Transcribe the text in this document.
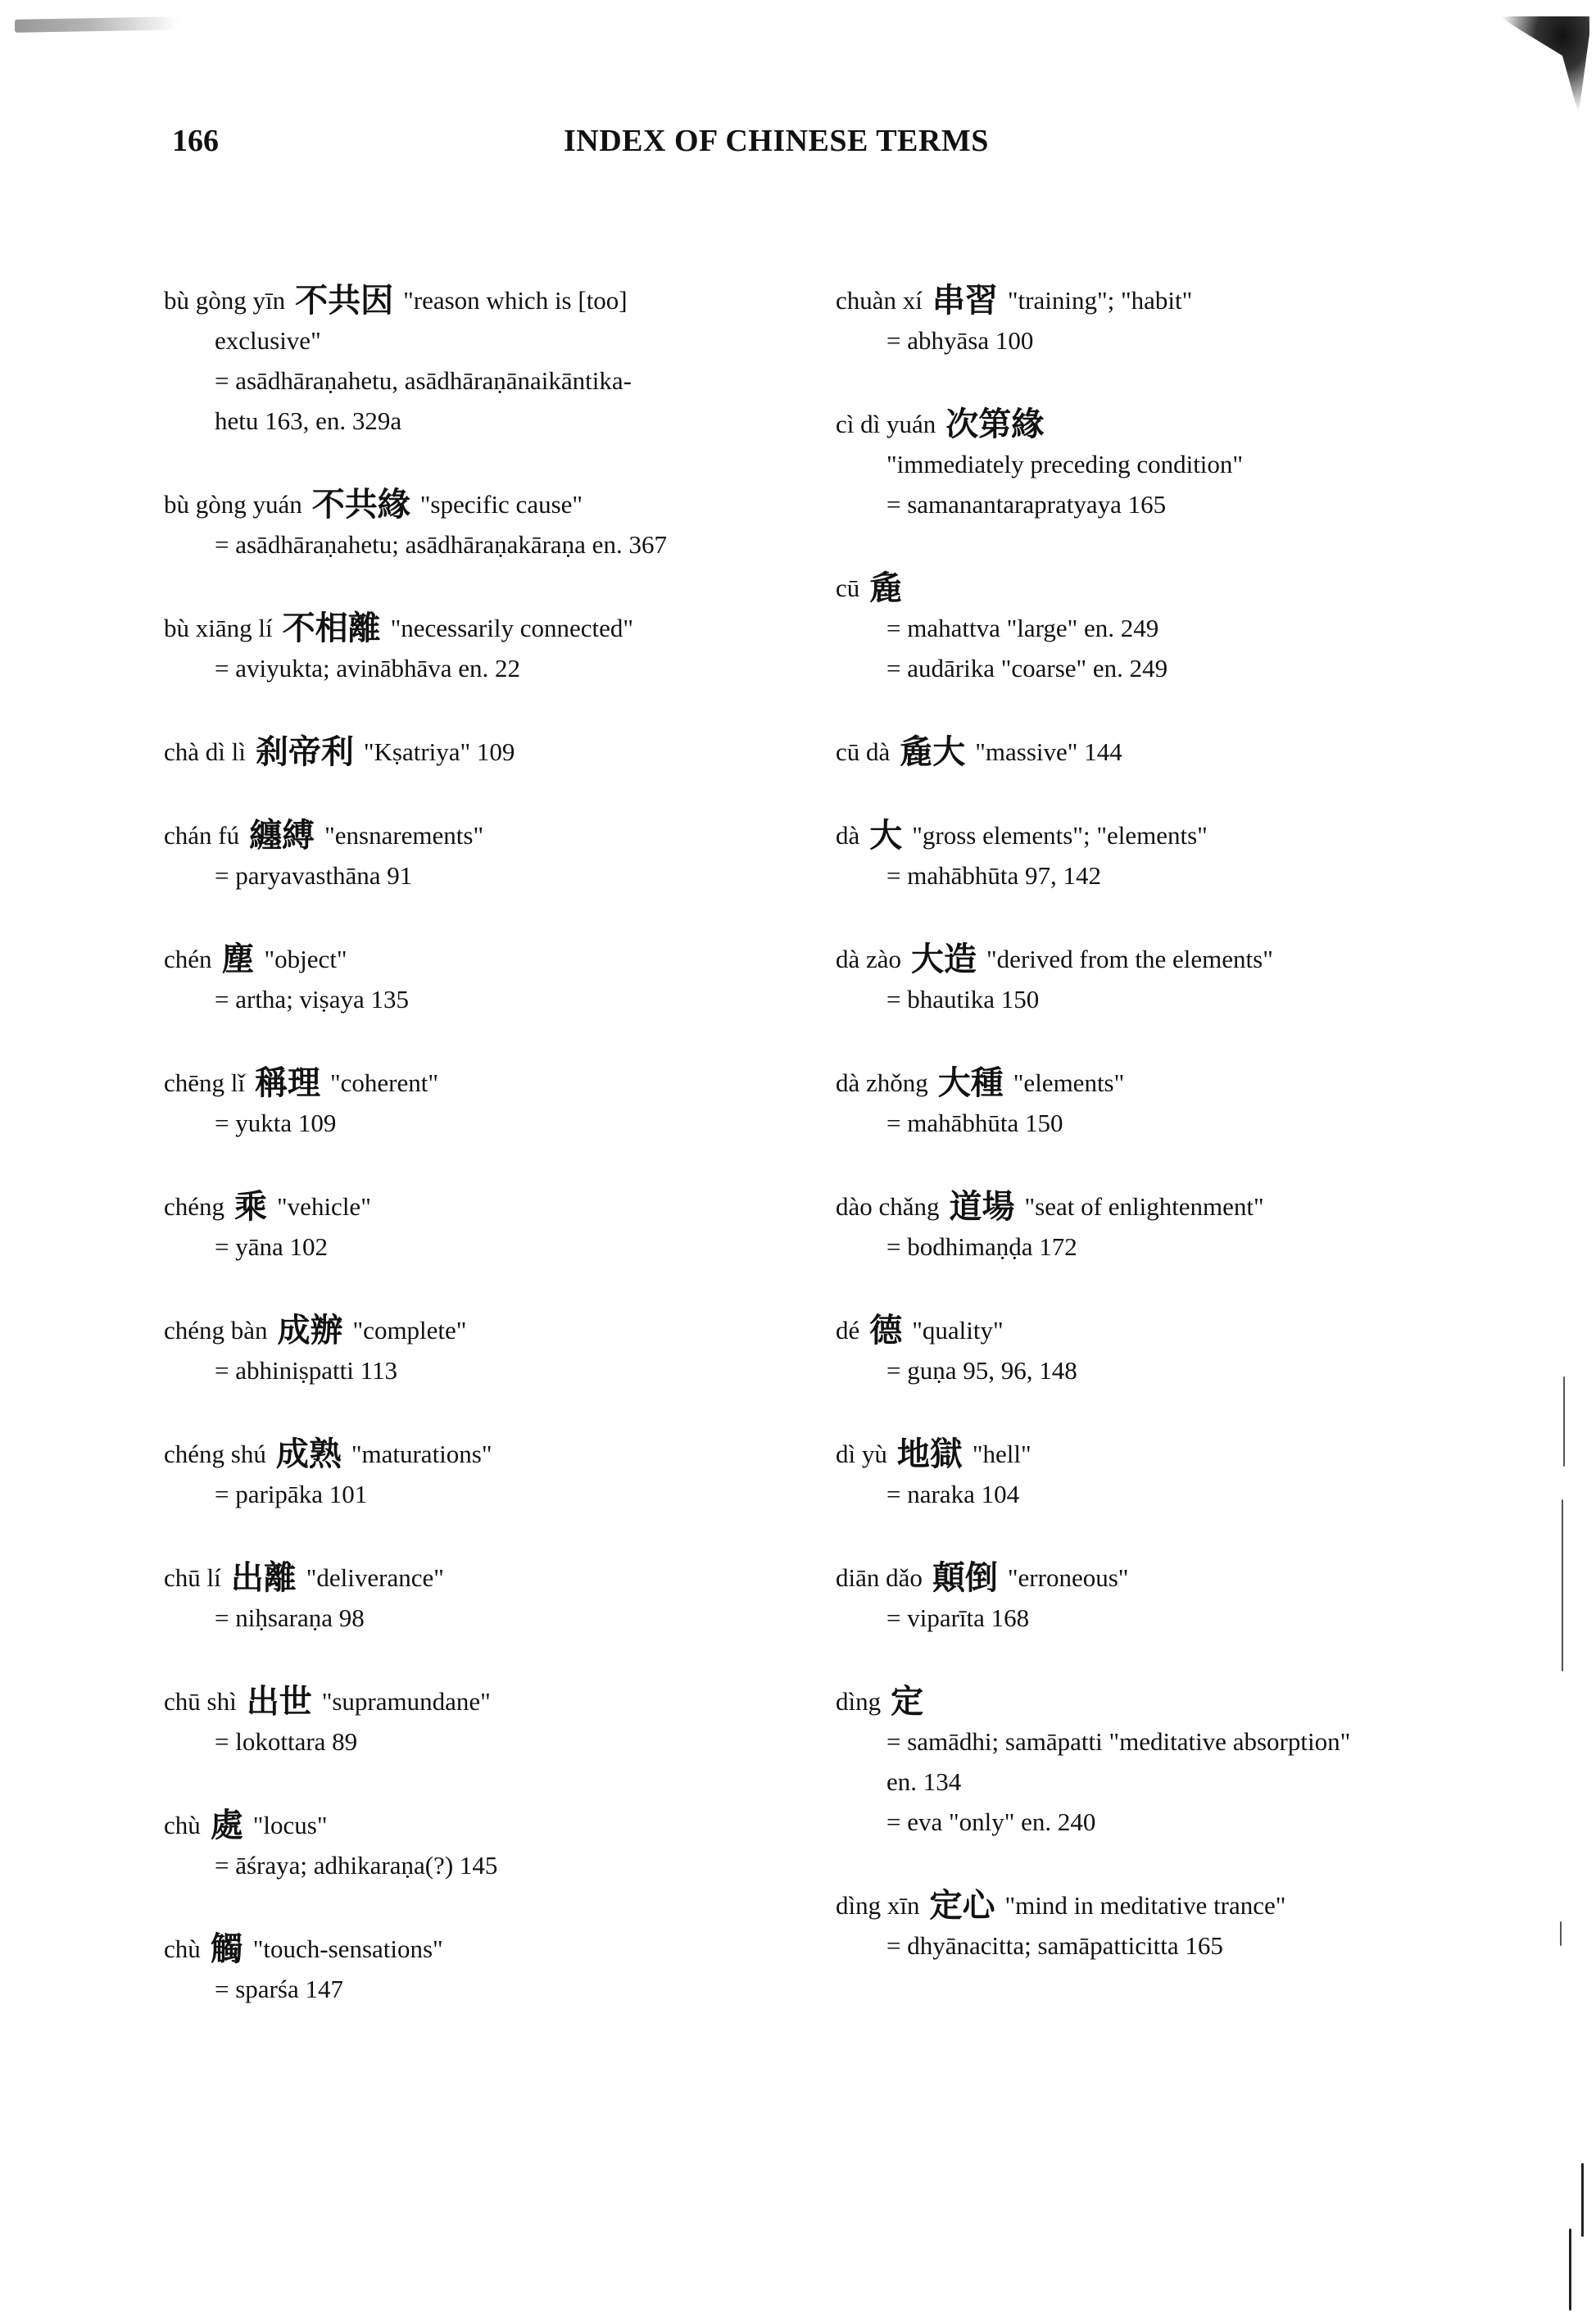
166	INDEX OF CHINESE TERMS
bù gòng yīn 不共因 "reason which is [too]
exclusive"
= asādhāraṇahetu, asādhāraṇānaikāntika-
hetu 163, en. 329a
bù gòng yuán 不共緣 "specific cause"
= asādhāraṇahetu; asādhāraṇakāraṇa en. 367
bù xiāng lí 不相離 "necessarily connected"
= aviyukta; avinābhāva en. 22
chà dì lì 刹帝利 "Kṣatriya" 109
chán fú 纏縛 "ensnarements"
= paryavasthāna 91
chén 塵 "object"
= artha; viṣaya 135
chēng lǐ 稱理 "coherent"
= yukta 109
chéng 乘 "vehicle"
= yāna 102
chéng bàn 成辦 "complete"
= abhiniṣpatti 113
chéng shú 成熟 "maturations"
= paripāka 101
chū lí 出離 "deliverance"
= niḥsaraṇa 98
chū shì 出世 "supramundane"
= lokottara 89
chù 處 "locus"
= āśraya; adhikaraṇa(?) 145
chù 觸 "touch-sensations"
= sparśa 147
chuàn xí 串習 "training"; "habit"
= abhyāsa 100
cì dì yuán 次第緣
"immediately preceding condition"
= samanantarapratyaya 165
cū 麁
= mahattva "large" en. 249
= audārika "coarse" en. 249
cū dà 麁大 "massive" 144
dà 大 "gross elements"; "elements"
= mahābhūta 97, 142
dà zào 大造 "derived from the elements"
= bhautika 150
dà zhǒng 大種 "elements"
= mahābhūta 150
dào chǎng 道場 "seat of enlightenment"
= bodhimaṇḍa 172
dé 德 "quality"
= guṇa 95, 96, 148
dì yù 地獄 "hell"
= naraka 104
diān dǎo 顛倒 "erroneous"
= viparīta 168
dìng 定
= samādhi; samāpatti "meditative absorption"
en. 134
= eva "only" en. 240
dìng xīn 定心 "mind in meditative trance"
= dhyānacitta; samāpatticitta 165
